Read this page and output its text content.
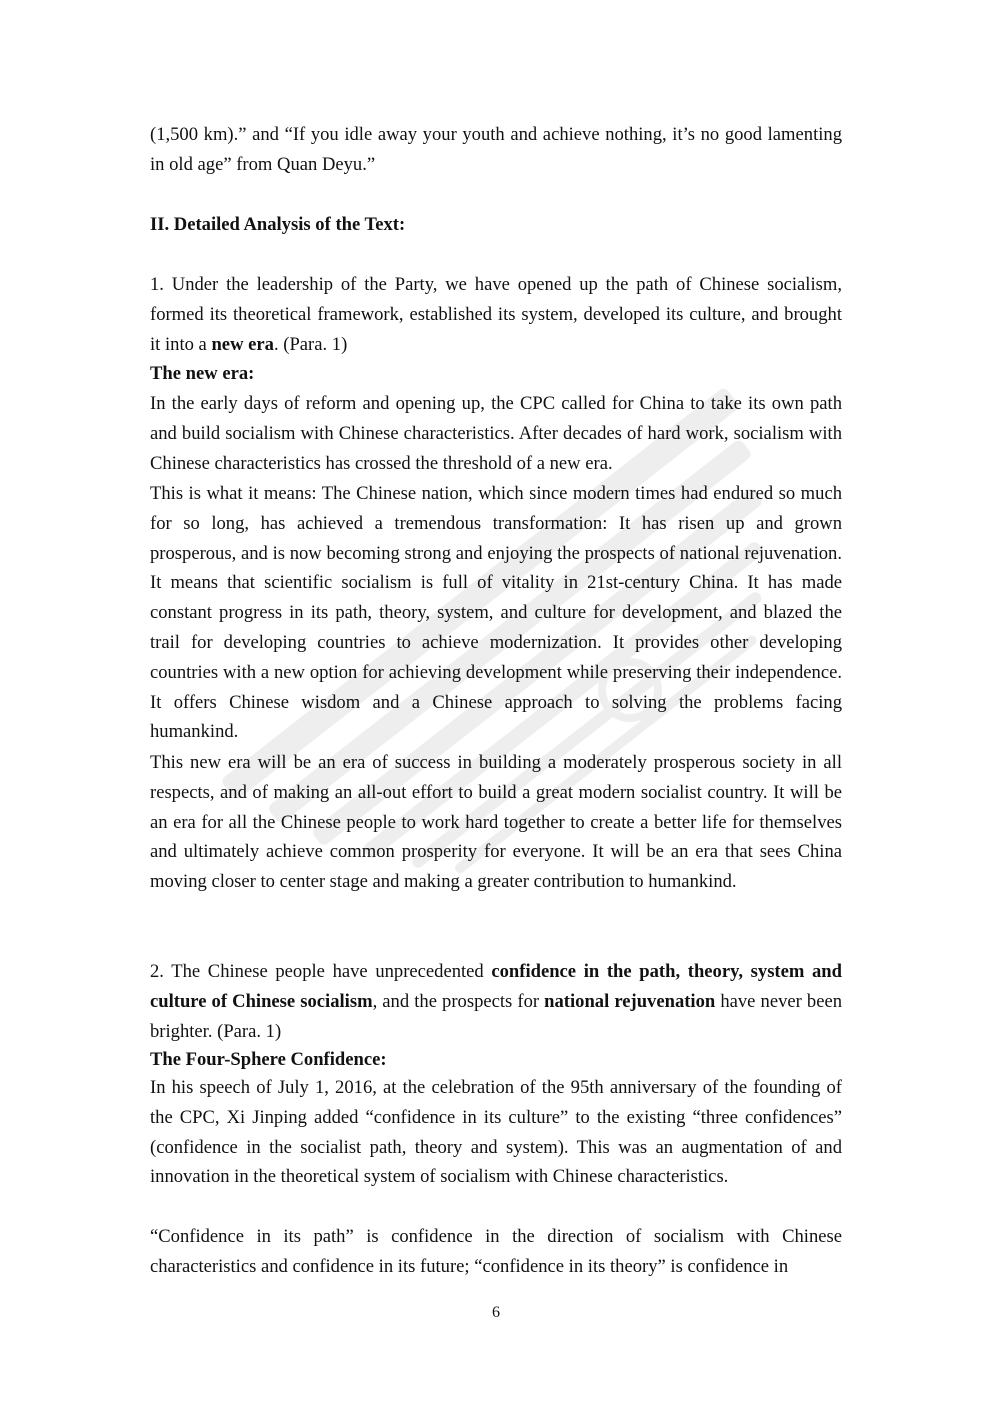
(1,500 km).” and “If you idle away your youth and achieve nothing, it’s no good lamenting in old age” from Quan Deyu.”

II. Detailed Analysis of the Text:

1. Under the leadership of the Party, we have opened up the path of Chinese socialism, formed its theoretical framework, established its system, developed its culture, and brought it into a new era. (Para. 1)

The new era:

In the early days of reform and opening up, the CPC called for China to take its own path and build socialism with Chinese characteristics. After decades of hard work, socialism with Chinese characteristics has crossed the threshold of a new era.

This is what it means: The Chinese nation, which since modern times had endured so much for so long, has achieved a tremendous transformation: It has risen up and grown prosperous, and is now becoming strong and enjoying the prospects of national rejuvenation. It means that scientific socialism is full of vitality in 21st-century China. It has made constant progress in its path, theory, system, and culture for development, and blazed the trail for developing countries to achieve modernization. It provides other developing countries with a new option for achieving development while preserving their independence. It offers Chinese wisdom and a Chinese approach to solving the problems facing humankind.

This new era will be an era of success in building a moderately prosperous society in all respects, and of making an all-out effort to build a great modern socialist country. It will be an era for all the Chinese people to work hard together to create a better life for themselves and ultimately achieve common prosperity for everyone. It will be an era that sees China moving closer to center stage and making a greater contribution to humankind.

2. The Chinese people have unprecedented confidence in the path, theory, system and culture of Chinese socialism, and the prospects for national rejuvenation have never been brighter. (Para. 1)

The Four-Sphere Confidence:

In his speech of July 1, 2016, at the celebration of the 95th anniversary of the founding of the CPC, Xi Jinping added “confidence in its culture” to the existing “three confidences” (confidence in the socialist path, theory and system). This was an augmentation of and innovation in the theoretical system of socialism with Chinese characteristics.

“Confidence in its path” is confidence in the direction of socialism with Chinese characteristics and confidence in its future; “confidence in its theory” is confidence in

6
